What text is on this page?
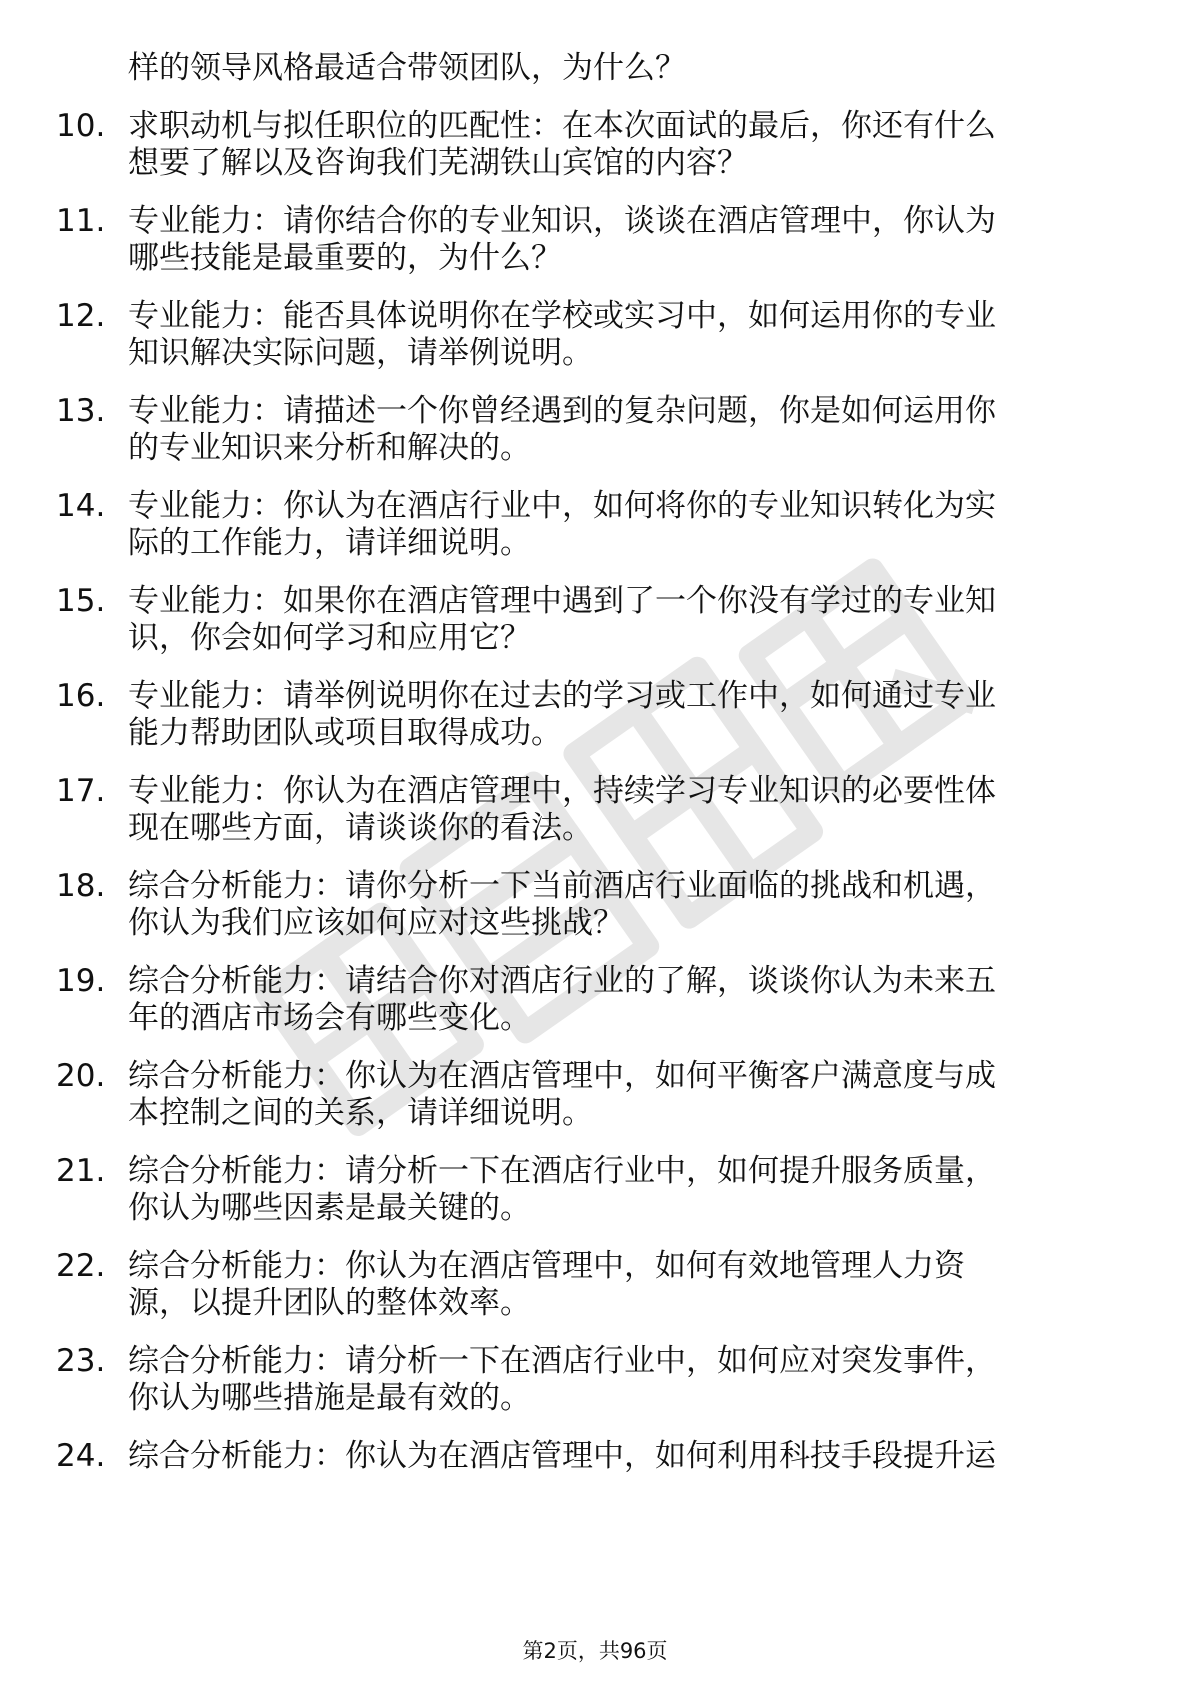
样的领导风格最适合带领团队，为什么？
10. 求职动机与拟任职位的匹配性：在本次面试的最后，你还有什么
想要了解以及咨询我们芜湖铁山宾馆的内容？
11. 专业能力：请你结合你的专业知识，谈谈在酒店管理中，你认为
哪些技能是最重要的，为什么？
12. 专业能力：能否具体说明你在学校或实习中，如何运用你的专业
知识解决实际问题，请举例说明。
13. 专业能力：请描述一个你曾经遇到的复杂问题，你是如何运用你
的专业知识来分析和解决的。
14. 专业能力：你认为在酒店行业中，如何将你的专业知识转化为实
际的工作能力，请详细说明。
15. 专业能力：如果你在酒店管理中遇到了一个你没有学过的专业知
识，你会如何学习和应用它？
16. 专业能力：请举例说明你在过去的学习或工作中，如何通过专业
能力帮助团队或项目取得成功。
17. 专业能力：你认为在酒店管理中，持续学习专业知识的必要性体
现在哪些方面，请谈谈你的看法。
18. 综合分析能力：请你分析一下当前酒店行业面临的挑战和机遇，
你认为我们应该如何应对这些挑战？
19. 综合分析能力：请结合你对酒店行业的了解，谈谈你认为未来五
年的酒店市场会有哪些变化。
20. 综合分析能力：你认为在酒店管理中，如何平衡客户满意度与成
本控制之间的关系，请详细说明。
21. 综合分析能力：请分析一下在酒店行业中，如何提升服务质量，
你认为哪些因素是最关键的。
22. 综合分析能力：你认为在酒店管理中，如何有效地管理人力资
源，以提升团队的整体效率。
23. 综合分析能力：请分析一下在酒店行业中，如何应对突发事件，
你认为哪些措施是最有效的。
24. 综合分析能力：你认为在酒店管理中，如何利用科技手段提升运
第2页，共96页
